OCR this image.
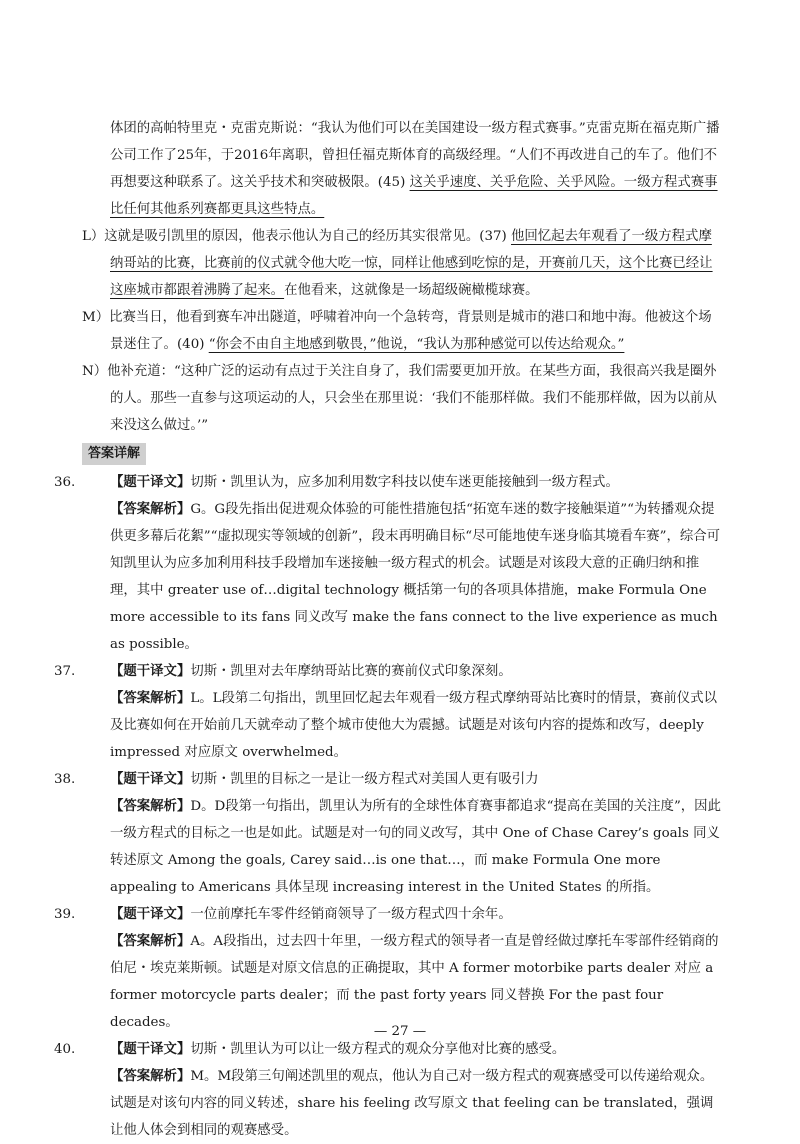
体团的高帕特里克・克雷克斯说：“我认为他们可以在美国建设一级方程式赛事。”克雷克斯在福克斯广播公司工作了25年，于2016年离职，曾担任福克斯体育的高级经理。“人们不再改进自己的车了。他们不再想要这种联系了。这关乎技术和突破极限。(45) 这关乎速度、关乎危险、关乎风险。一级方程式赛事比任何其他系列赛都更具这些特点。

L）这就是吸引凯里的原因，他表示他认为自己的经历其实很常见。(37) 他回忆起去年观看了一级方程式摩纳哥站的比赛，比赛前的仪式就令他大吃一惊，同样让他感到吃惊的是，开赛前几天，这个比赛已经让这座城市都跟着沸腾了起来。在他看来，这就像是一场超级碗橄榄球赛。

M）比赛当日，他看到赛车冲出隧道，呼啸着冲向一个急转弯，背景则是城市的港口和地中海。他被这个场景迷住了。(40) “你会不由自主地感到敬畏，”他说，“我认为那种感觉可以传达给观众。”

N）他补充道：“这种广泛的运动有点过于关注自身了，我们需要更加开放。在某些方面，我很高兴我是圈外的人。那些一直参与这项运动的人，只会坐在那里说：‘我们不能那样做。我们不能那样做，因为以前从来没这么做过。’”

答案详解

36.	【题干译文】切斯・凯里认为，应多加利用数字科技以使车迷更能接触到一级方程式。

【答案解析】G。G段先指出促进观众体验的可能性措施包括“拓宽车迷的数字接触渠道”“为转播观众提供更多幕后花絮”“虚拟现实等领域的创新”，段末再明确目标“尽可能地使车迷身临其境看车赛”，综合可知凯里认为应多加利用科技手段增加车迷接触一级方程式的机会。试题是对该段大意的正确归纳和推理，其中 greater use of…digital technology 概括第一句的各项具体措施，make Formula One more accessible to its fans 同义改写 make the fans connect to the live experience as much as possible。

37.	【题干译文】切斯・凯里对去年摩纳哥站比赛的赛前仪式印象深刻。

【答案解析】L。L段第二句指出，凯里回忆起去年观看一级方程式摩纳哥站比赛时的情景，赛前仪式以及比赛如何在开始前几天就牵动了整个城市使他大为震撼。试题是对该句内容的提炼和改写，deeply impressed 对应原文 overwhelmed。

38.	【题干译文】切斯・凯里的目标之一是让一级方程式对美国人更有吸引力

【答案解析】D。D段第一句指出，凯里认为所有的全球性体育赛事都追求“提高在美国的关注度”，因此一级方程式的目标之一也是如此。试题是对一句的同义改写，其中 One of Chase Carey’s goals 同义转述原文 Among the goals, Carey said…is one that…，而 make Formula One more appealing to Americans 具体呈现 increasing interest in the United States 的所指。

39.	【题干译文】一位前摩托车零件经销商领导了一级方程式四十余年。

【答案解析】A。A段指出，过去四十年里，一级方程式的领导者一直是曾经做过摩托车零部件经销商的伯尼・埃克莱斯顿。试题是对原文信息的正确提取，其中 A former motorbike parts dealer 对应 a former motorcycle parts dealer；而 the past forty years 同义替换 For the past four decades。

40.	【题干译文】切斯・凯里认为可以让一级方程式的观众分享他对比赛的感受。

【答案解析】M。M段第三句阐述凯里的观点，他认为自己对一级方程式的观赛感受可以传递给观众。试题是对该句内容的同义转述，share his feeling 改写原文 that feeling can be translated，强调让他人体会到相同的观赛感受。

— 27 —
